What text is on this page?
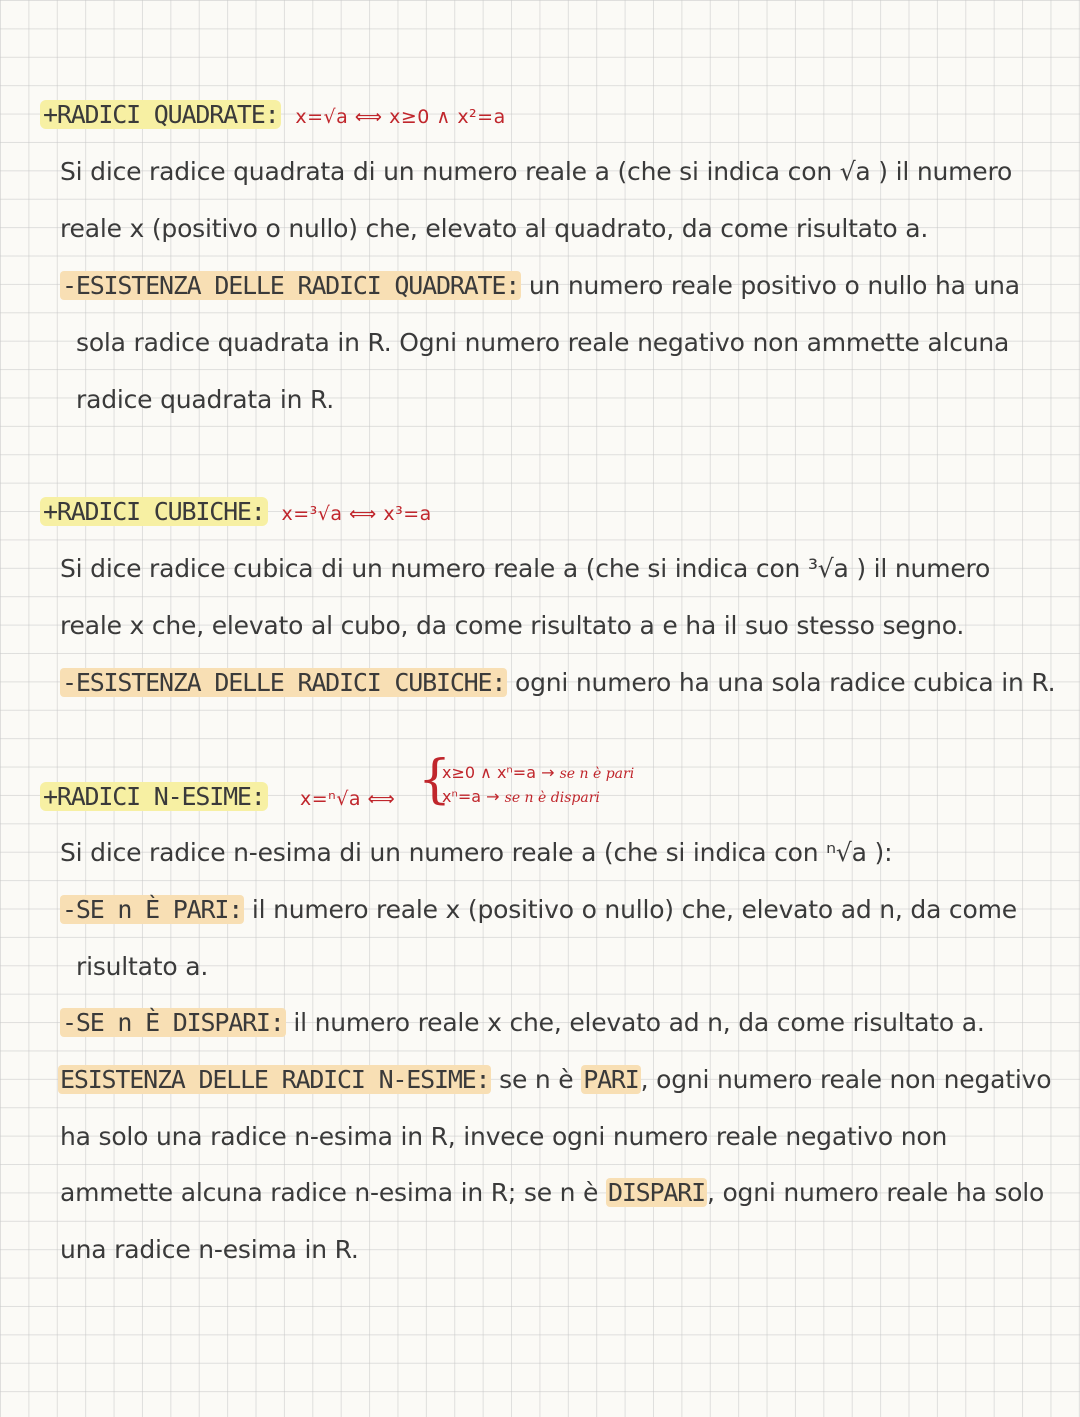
+RADICI QUADRATE: x=√a ⟺ x≥0 ∧ x²=a
Si dice radice quadrata di un numero reale a (che si indica con √a ) il numero
reale x (positivo o nullo) che, elevato al quadrato, da come risultato a.
-ESISTENZA DELLE RADICI QUADRATE: un numero reale positivo o nullo ha una
sola radice quadrata in R. Ogni numero reale negativo non ammette alcuna
radice quadrata in R.
+RADICI CUBICHE: x=³√a ⟺ x³=a
Si dice radice cubica di un numero reale a (che si indica con ³√a ) il numero
reale x che, elevato al cubo, da come risultato a e ha il suo stesso segno.
-ESISTENZA DELLE RADICI CUBICHE: ogni numero ha una sola radice cubica in R.
+RADICI N-ESIME: x=ⁿ√a ⟺ {
x≥0 ∧ xⁿ=a → se n è pari
xⁿ=a → se n è dispari
Si dice radice n-esima di un numero reale a (che si indica con ⁿ√a ):
-SE n È PARI: il numero reale x (positivo o nullo) che, elevato ad n, da come
risultato a.
-SE n È DISPARI: il numero reale x che, elevato ad n, da come risultato a.
ESISTENZA DELLE RADICI N-ESIME: se n è PARI, ogni numero reale non negativo
ha solo una radice n-esima in R, invece ogni numero reale negativo non
ammette alcuna radice n-esima in R; se n è DISPARI, ogni numero reale ha solo
una radice n-esima in R.
